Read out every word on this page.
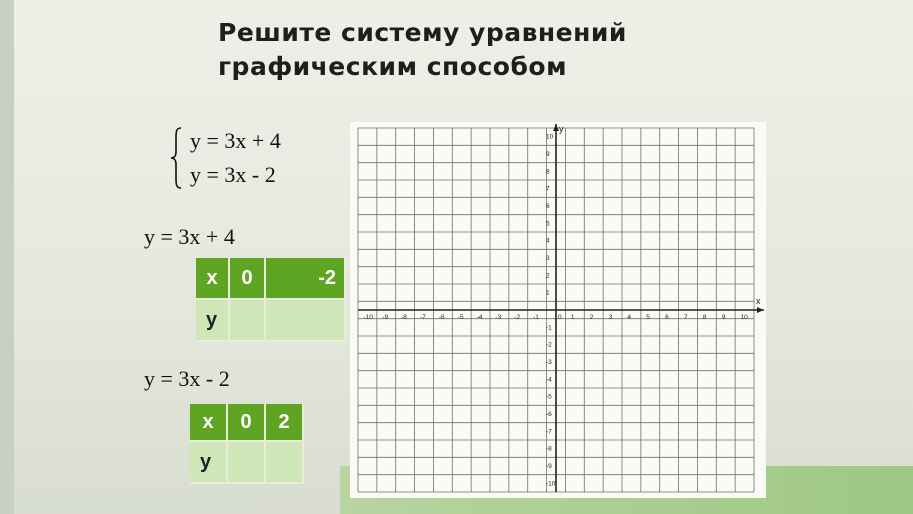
Решите систему уравнений
графическим способом
y = 3x + 4
y = 3x - 2
y = 3x + 4
x	0	-2
y
y = 3x - 2
x	0	2
y
x
y
-10 -9 -8 -7 -6 -5 -4 -3 -2 -1	0 1 2 3 4 5 6 7 8 9 10
10
9
8
7
6
5
4
3
2
1
-1
-2
-3
-4
-5
-6
-7
-8
-9
-10
